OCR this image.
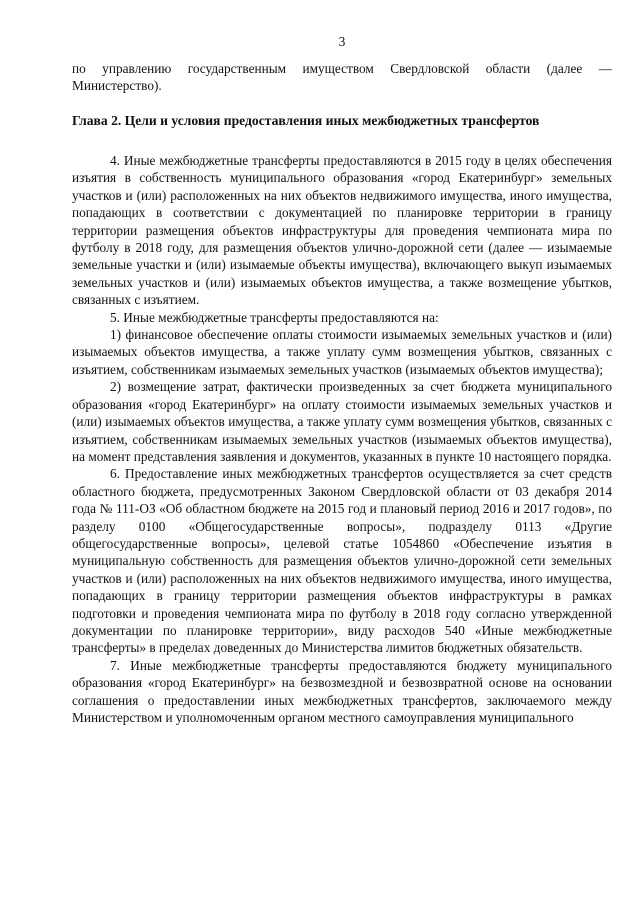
3
по управлению государственным имуществом Свердловской области (далее — Министерство).
Глава 2. Цели и условия предоставления иных межбюджетных трансфертов

4. Иные межбюджетные трансферты предоставляются в 2015 году в целях обеспечения изъятия в собственность муниципального образования «город Екатеринбург» земельных участков и (или) расположенных на них объектов недвижимого имущества, иного имущества, попадающих в соответствии с документацией по планировке территории в границу территории размещения объектов инфраструктуры для проведения чемпионата мира по футболу в 2018 году, для размещения объектов улично-дорожной сети (далее — изымаемые земельные участки и (или) изымаемые объекты имущества), включающего выкуп изымаемых земельных участков и (или) изымаемых объектов имущества, а также возмещение убытков, связанных с изъятием.

5. Иные межбюджетные трансферты предоставляются на:

1) финансовое обеспечение оплаты стоимости изымаемых земельных участков и (или) изымаемых объектов имущества, а также уплату сумм возмещения убытков, связанных с изъятием, собственникам изымаемых земельных участков (изымаемых объектов имущества);

2) возмещение затрат, фактически произведенных за счет бюджета муниципального образования «город Екатеринбург» на оплату стоимости изымаемых земельных участков и (или) изымаемых объектов имущества, а также уплату сумм возмещения убытков, связанных с изъятием, собственникам изымаемых земельных участков (изымаемых объектов имущества), на момент представления заявления и документов, указанных в пункте 10 настоящего порядка.

6. Предоставление иных межбюджетных трансфертов осуществляется за счет средств областного бюджета, предусмотренных Законом Свердловской области от 03 декабря 2014 года № 111-ОЗ «Об областном бюджете на 2015 год и плановый период 2016 и 2017 годов», по разделу 0100 «Общегосударственные вопросы», подразделу 0113 «Другие общегосударственные вопросы», целевой статье 1054860 «Обеспечение изъятия в муниципальную собственность для размещения объектов улично-дорожной сети земельных участков и (или) расположенных на них объектов недвижимого имущества, иного имущества, попадающих в границу территории размещения объектов инфраструктуры в рамках подготовки и проведения чемпионата мира по футболу в 2018 году согласно утвержденной документации по планировке территории», виду расходов 540 «Иные межбюджетные трансферты» в пределах доведенных до Министерства лимитов бюджетных обязательств.

7. Иные межбюджетные трансферты предоставляются бюджету муниципального образования «город Екатеринбург» на безвозмездной и безвозвратной основе на основании соглашения о предоставлении иных межбюджетных трансфертов, заключаемого между Министерством и уполномоченным органом местного самоуправления муниципального
